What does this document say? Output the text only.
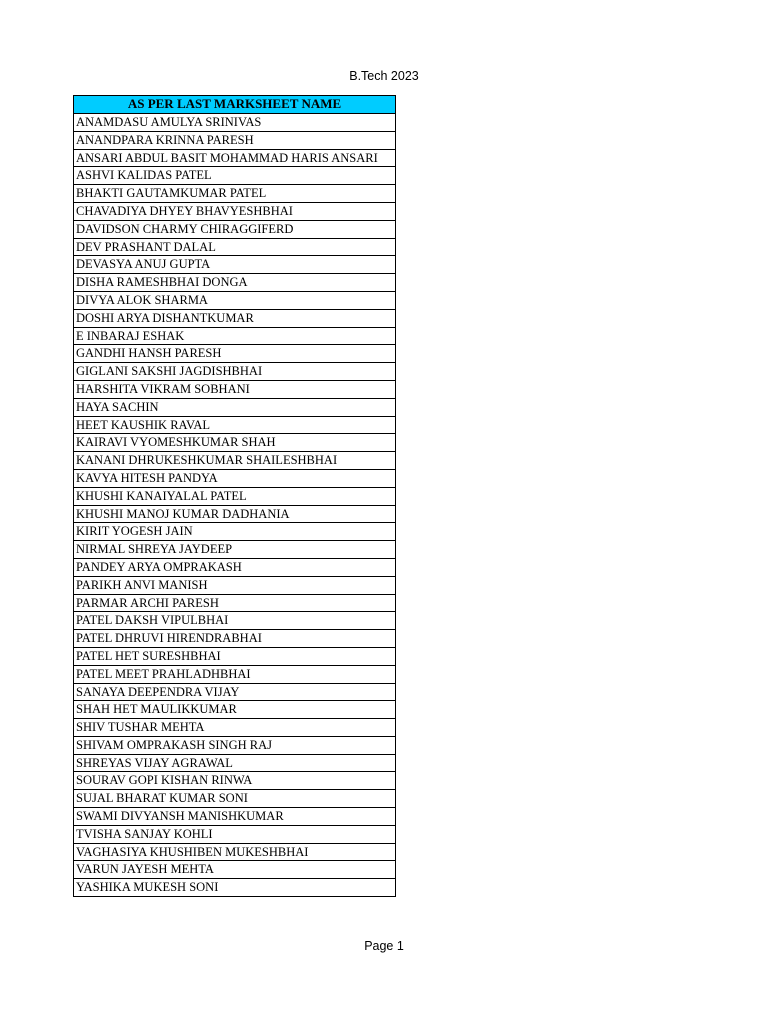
B.Tech 2023
AS PER LAST MARKSHEET NAME
ANAMDASU AMULYA SRINIVAS
ANANDPARA KRINNA PARESH
ANSARI ABDUL BASIT MOHAMMAD HARIS ANSARI
ASHVI KALIDAS PATEL
BHAKTI GAUTAMKUMAR PATEL
CHAVADIYA DHYEY BHAVYESHBHAI
DAVIDSON CHARMY CHIRAGGIFERD
DEV PRASHANT DALAL
DEVASYA ANUJ GUPTA
DISHA RAMESHBHAI DONGA
DIVYA ALOK SHARMA
DOSHI ARYA DISHANTKUMAR
E INBARAJ ESHAK
GANDHI HANSH PARESH
GIGLANI SAKSHI JAGDISHBHAI
HARSHITA VIKRAM SOBHANI
HAYA SACHIN
HEET KAUSHIK RAVAL
KAIRAVI VYOMESHKUMAR SHAH
KANANI DHRUKESHKUMAR SHAILESHBHAI
KAVYA HITESH PANDYA
KHUSHI KANAIYALAL PATEL
KHUSHI MANOJ KUMAR DADHANIA
KIRIT YOGESH JAIN
NIRMAL SHREYA JAYDEEP
PANDEY ARYA OMPRAKASH
PARIKH ANVI MANISH
PARMAR ARCHI PARESH
PATEL DAKSH VIPULBHAI
PATEL DHRUVI HIRENDRABHAI
PATEL HET SURESHBHAI
PATEL MEET PRAHLADHBHAI
SANAYA DEEPENDRA VIJAY
SHAH HET MAULIKKUMAR
SHIV TUSHAR MEHTA
SHIVAM OMPRAKASH SINGH RAJ
SHREYAS VIJAY AGRAWAL
SOURAV GOPI KISHAN RINWA
SUJAL BHARAT KUMAR SONI
SWAMI DIVYANSH MANISHKUMAR
TVISHA SANJAY KOHLI
VAGHASIYA KHUSHIBEN MUKESHBHAI
VARUN JAYESH MEHTA
YASHIKA MUKESH SONI
Page 1
